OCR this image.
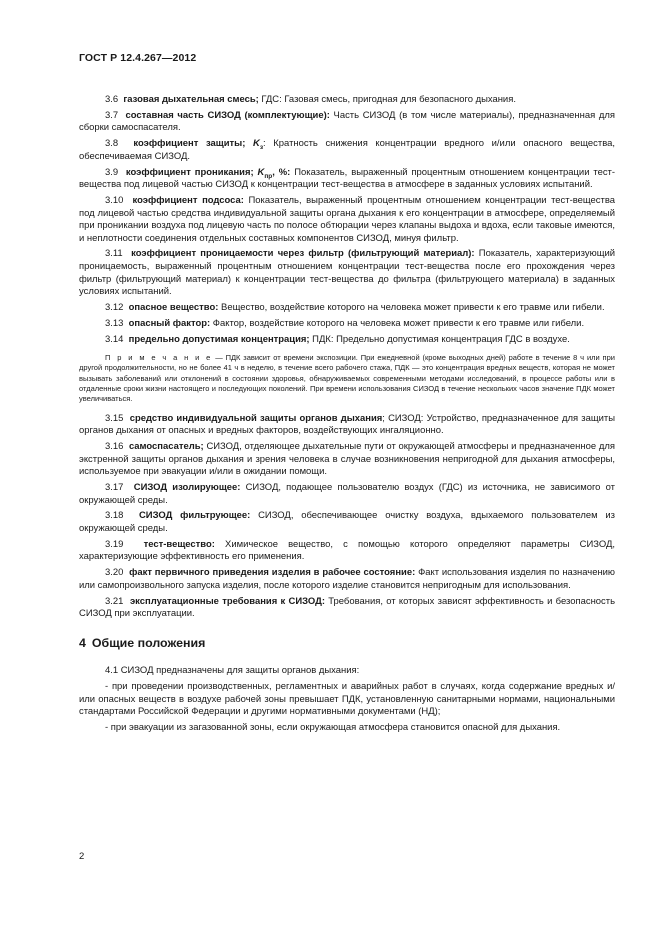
ГОСТ Р 12.4.267—2012

3.6 газовая дыхательная смесь; ГДС: Газовая смесь, пригодная для безопасного дыхания.

3.7 составная часть СИЗОД (комплектующие): Часть СИЗОД (в том числе материалы), предназначенная для сборки самоспасателя.

3.8 коэффициент защиты; $K_з$: Кратность снижения концентрации вредного и/или опасного вещества, обеспечиваемая СИЗОД.

3.9 коэффициент проникания; $K_{пр}$, %: Показатель, выраженный процентным отношением концентрации тест-вещества под лицевой частью СИЗОД к концентрации тест-вещества в атмосфере в заданных условиях испытаний.

3.10 коэффициент подсоса: Показатель, выраженный процентным отношением концентрации тест-вещества под лицевой частью средства индивидуальной защиты органа дыхания к его концентрации в атмосфере, определяемый при проникании воздуха под лицевую часть по полосе обтюрации через клапаны выдоха и вдоха, если таковые имеются, и неплотности соединения отдельных составных компонентов СИЗОД, минуя фильтр.

3.11 коэффициент проницаемости через фильтр (фильтрующий материал): Показатель, характеризующий проницаемость, выраженный процентным отношением концентрации тест-вещества после его прохождения через фильтр (фильтрующий материал) к концентрации тест-вещества до фильтра (фильтрующего материала) в заданных условиях испытаний.

3.12 опасное вещество: Вещество, воздействие которого на человека может привести к его травме или гибели.

3.13 опасный фактор: Фактор, воздействие которого на человека может привести к его травме или гибели.

3.14 предельно допустимая концентрация; ПДК: Предельно допустимая концентрация ГДС в воздухе.

П р и м е ч а н и е — ПДК зависит от времени экспозиции. При ежедневной (кроме выходных дней) работе в течение 8 ч или при другой продолжительности, но не более 41 ч в неделю, в течение всего рабочего стажа, ПДК — это концентрация вредных веществ, которая не может вызывать заболеваний или отклонений в состоянии здоровья, обнаруживаемых современными методами исследований, в процессе работы или в отдаленные сроки жизни настоящего и последующих поколений. При времени использования СИЗОД в течение нескольких часов значение ПДК может увеличиваться.

3.15 средство индивидуальной защиты органов дыхания; СИЗОД: Устройство, предназначенное для защиты органов дыхания от опасных и вредных факторов, воздействующих ингаляционно.

3.16 самоспасатель; СИЗОД, отделяющее дыхательные пути от окружающей атмосферы и предназначенное для экстренной защиты органов дыхания и зрения человека в случае возникновения непригодной для дыхания атмосферы, используемое при эвакуации и/или в ожидании помощи.

3.17 СИЗОД изолирующее: СИЗОД, подающее пользователю воздух (ГДС) из источника, не зависимого от окружающей среды.

3.18 СИЗОД фильтрующее: СИЗОД, обеспечивающее очистку воздуха, вдыхаемого пользователем из окружающей среды.

3.19 тест-вещество: Химическое вещество, с помощью которого определяют параметры СИЗОД, характеризующие эффективность его применения.

3.20 факт первичного приведения изделия в рабочее состояние: Факт использования изделия по назначению или самопроизвольного запуска изделия, после которого изделие становится непригодным для использования.

3.21 эксплуатационные требования к СИЗОД: Требования, от которых зависят эффективность и безопасность СИЗОД при эксплуатации.

4 Общие положения

4.1 СИЗОД предназначены для защиты органов дыхания:

- при проведении производственных, регламентных и аварийных работ в случаях, когда содержание вредных и/или опасных веществ в воздухе рабочей зоны превышает ПДК, установленную санитарными нормами, национальными стандартами Российской Федерации и другими нормативными документами (НД);

- при эвакуации из загазованной зоны, если окружающая атмосфера становится опасной для дыхания.

2
